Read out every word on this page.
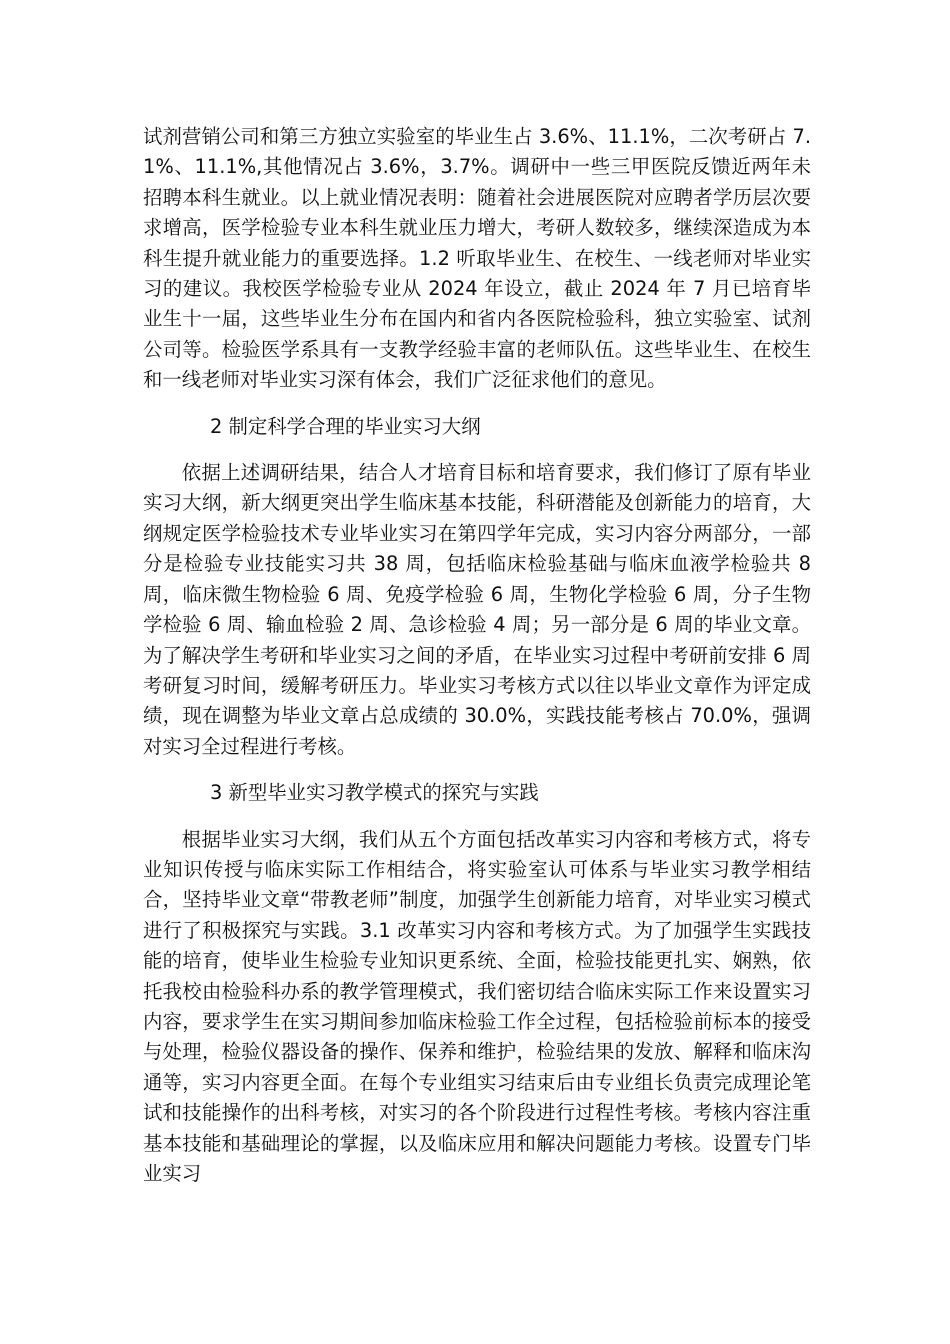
试剂营销公司和第三方独立实验室的毕业生占 3.6%、11.1%，二次考研占 7.1%、11.1%,其他情况占 3.6%，3.7%。调研中一些三甲医院反馈近两年未招聘本科生就业。以上就业情况表明：随着社会进展医院对应聘者学历层次要求增高，医学检验专业本科生就业压力增大，考研人数较多，继续深造成为本科生提升就业能力的重要选择。1.2 听取毕业生、在校生、一线老师对毕业实习的建议。我校医学检验专业从 2024 年设立，截止 2024 年 7 月已培育毕业生十一届，这些毕业生分布在国内和省内各医院检验科，独立实验室、试剂公司等。检验医学系具有一支教学经验丰富的老师队伍。这些毕业生、在校生和一线老师对毕业实习深有体会，我们广泛征求他们的意见。

2 制定科学合理的毕业实习大纲

依据上述调研结果，结合人才培育目标和培育要求，我们修订了原有毕业实习大纲，新大纲更突出学生临床基本技能，科研潜能及创新能力的培育，大纲规定医学检验技术专业毕业实习在第四学年完成，实习内容分两部分，一部分是检验专业技能实习共 38 周，包括临床检验基础与临床血液学检验共 8 周，临床微生物检验 6 周、免疫学检验 6 周，生物化学检验 6 周，分子生物学检验 6 周、输血检验 2 周、急诊检验 4 周；另一部分是 6 周的毕业文章。为了解决学生考研和毕业实习之间的矛盾，在毕业实习过程中考研前安排 6 周考研复习时间，缓解考研压力。毕业实习考核方式以往以毕业文章作为评定成绩，现在调整为毕业文章占总成绩的 30.0%，实践技能考核占 70.0%，强调对实习全过程进行考核。

3 新型毕业实习教学模式的探究与实践

根据毕业实习大纲，我们从五个方面包括改革实习内容和考核方式，将专业知识传授与临床实际工作相结合，将实验室认可体系与毕业实习教学相结合，坚持毕业文章“带教老师”制度，加强学生创新能力培育，对毕业实习模式进行了积极探究与实践。3.1 改革实习内容和考核方式。为了加强学生实践技能的培育，使毕业生检验专业知识更系统、全面，检验技能更扎实、娴熟，依托我校由检验科办系的教学管理模式，我们密切结合临床实际工作来设置实习内容，要求学生在实习期间参加临床检验工作全过程，包括检验前标本的接受与处理，检验仪器设备的操作、保养和维护，检验结果的发放、解释和临床沟通等，实习内容更全面。在每个专业组实习结束后由专业组长负责完成理论笔试和技能操作的出科考核，对实习的各个阶段进行过程性考核。考核内容注重基本技能和基础理论的掌握，以及临床应用和解决问题能力考核。设置专门毕业实习
